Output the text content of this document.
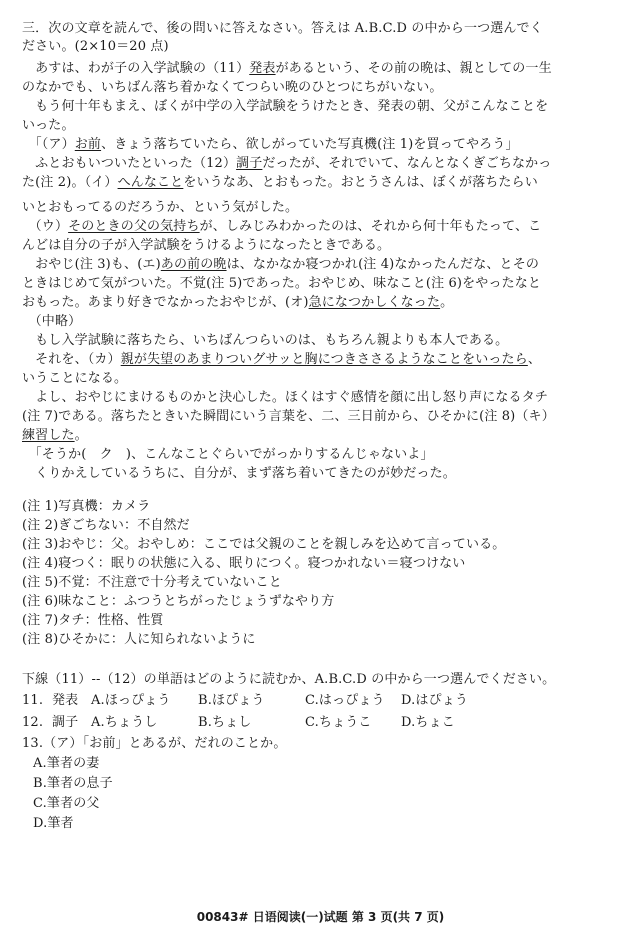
三．次の文章を読んで、後の問いに答えなさい。答えは A.B.C.D の中から一つ選んでく
ださい。(2×10＝20 点)
　あすは、わが子の入学試験の（11）発表があるという、その前の晩は、親としての一生
のなかでも、いちばん落ち着かなくてつらい晩のひとつにちがいない。
　もう何十年もまえ、ぼくが中学の入学試験をうけたとき、発表の朝、父がこんなことを
いった。
　「（ア）お前、きょう落ちていたら、欲しがっていた写真機(注 1)を買ってやろう」
　ふとおもいついたといった（12）調子だったが、それでいて、なんとなくぎごちなかっ
た(注 2)。（イ）へんなことをいうなあ、とおもった。おとうさんは、ぼくが落ちたらい
いとおもってるのだろうか、という気がした。
　（ウ）そのときの父の気持ちが、しみじみわかったのは、それから何十年もたって、こ
んどは自分の子が入学試験をうけるようになったときである。
　おやじ(注 3)も、(エ)あの前の晩は、なかなか寝つかれ(注 4)なかったんだな、とその
ときはじめて気がついた。不覚(注 5)であった。おやじめ、味なこと(注 6)をやったなと
おもった。あまり好きでなかったおやじが、(オ)急になつかしくなった。
　（中略）
　もし入学試験に落ちたら、いちばんつらいのは、もちろん親よりも本人である。
　それを、（カ）親が失望のあまりついグサッと胸につきささるようなことをいったら、
いうことになる。
　よし、おやじにまけるものかと決心した。ほくはすぐ感情を顔に出し怒り声になるタチ
(注 7)である。落ちたときいた瞬間にいう言葉を、二、三日前から、ひそかに(注 8)（キ）
練習した。
　「そうか(　ク　)、こんなことぐらいでがっかりするんじゃないよ」
　くりかえしているうちに、自分が、まず落ち着いてきたのが妙だった。
(注 1)写真機：カメラ
(注 2)ぎごちない：不自然だ
(注 3)おやじ：父。おやしめ：ここでは父親のことを親しみを込めて言っている。
(注 4)寝つく：眠りの状態に入る、眠りにつく。寝つかれない＝寝つけない
(注 5)不覚：不注意で十分考えていないこと
(注 6)味なこと：ふつうとちがったじょうずなやり方
(注 7)タチ：性格、性質
(注 8)ひそかに：人に知られないように
下線（11）--（12）の単語はどのように読むか、A.B.C.D の中から一つ選んでください。
11. 発表 A.ほっぴょう B.ほぴょう	C.はっぴょう D.はぴょう
12. 調子 A.ちょうし	B.ちょし	C.ちょうこ D.ちょこ
13.（ア）「お前」とあるが、だれのことか。
A.筆者の妻
B.筆者の息子
C.筆者の父
D.筆者
00843# 日语阅读(一)试题 第 3 页(共 7 页)
